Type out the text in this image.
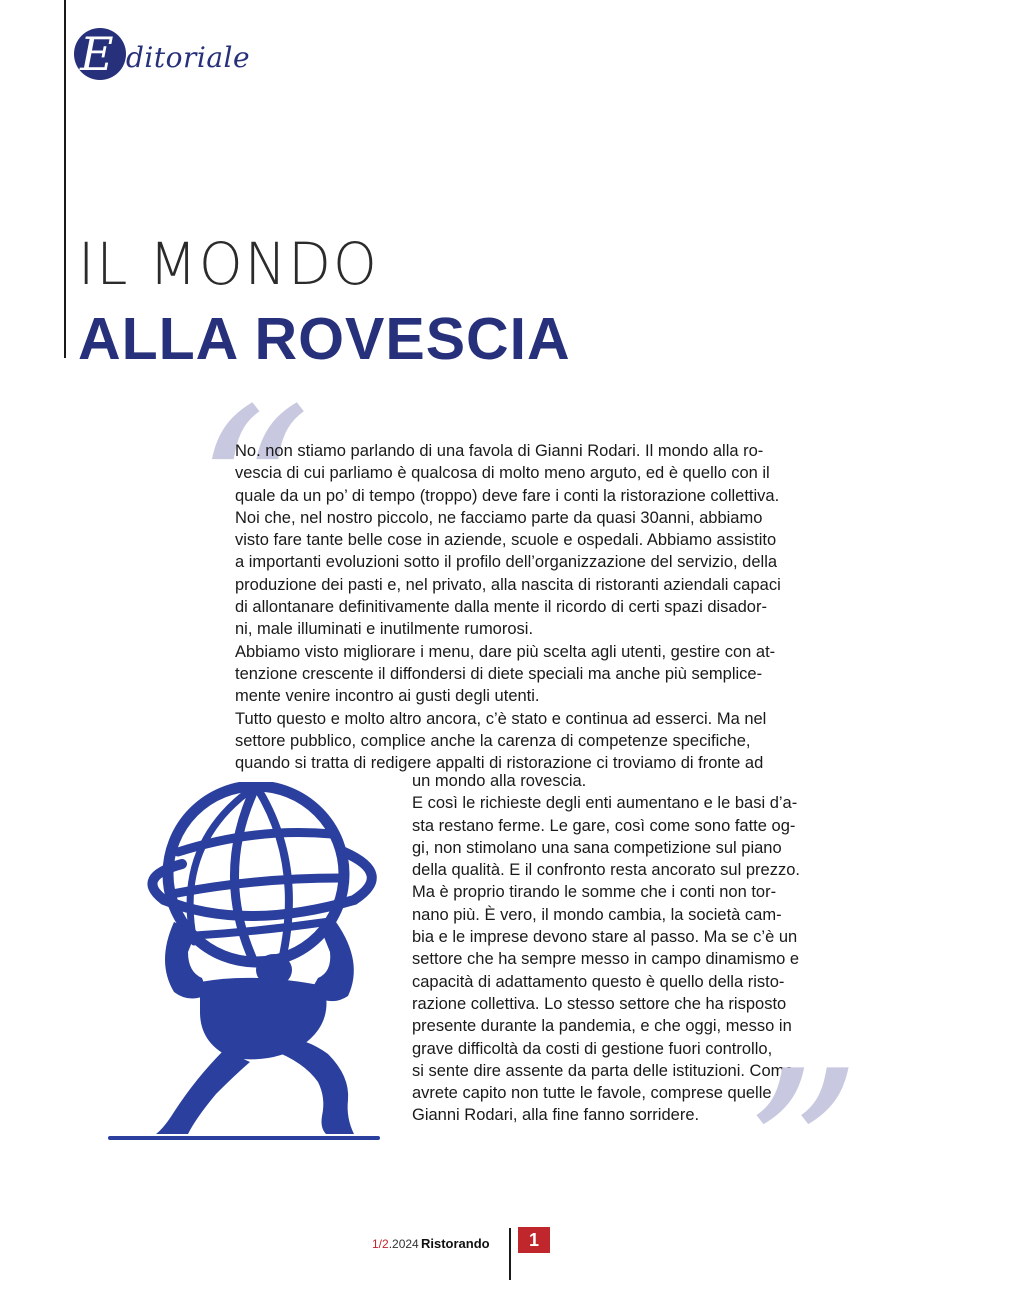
E ditoriale
IL MONDO
ALLA ROVESCIA
“
No. non stiamo parlando di una favola di Gianni Rodari. Il mondo alla ro-
vescia di cui parliamo è qualcosa di molto meno arguto, ed è quello con il
quale da un po’ di tempo (troppo) deve fare i conti la ristorazione collettiva.
Noi che, nel nostro piccolo, ne facciamo parte da quasi 30anni, abbiamo
visto fare tante belle cose in aziende, scuole e ospedali. Abbiamo assistito
a importanti evoluzioni sotto il profilo dell’organizzazione del servizio, della
produzione dei pasti e, nel privato, alla nascita di ristoranti aziendali capaci
di allontanare definitivamente dalla mente il ricordo di certi spazi disador-
ni, male illuminati e inutilmente rumorosi.
Abbiamo visto migliorare i menu, dare più scelta agli utenti, gestire con at-
tenzione crescente il diffondersi di diete speciali ma anche più semplice-
mente venire incontro ai gusti degli utenti.
Tutto questo e molto altro ancora, c’è stato e continua ad esserci. Ma nel
settore pubblico, complice anche la carenza di competenze specifiche,
quando si tratta di redigere appalti di ristorazione ci troviamo di fronte ad
un mondo alla rovescia.
E così le richieste degli enti aumentano e le basi d’a-
sta restano ferme. Le gare, così come sono fatte og-
gi, non stimolano una sana competizione sul piano
della qualità. E il confronto resta ancorato sul prezzo.
Ma è proprio tirando le somme che i conti non tor-
nano più. È vero, il mondo cambia, la società cam-
bia e le imprese devono stare al passo. Ma se c’è un
settore che ha sempre messo in campo dinamismo e
capacità di adattamento questo è quello della risto-
razione collettiva. Lo stesso settore che ha risposto
presente durante la pandemia, e che oggi, messo in
grave difficoltà da costi di gestione fuori controllo,
si sente dire assente da parta delle istituzioni. Come
avrete capito non tutte le favole, comprese quelle di
Gianni Rodari, alla fine fanno sorridere. ”
1/2.2024 Ristorando	1
